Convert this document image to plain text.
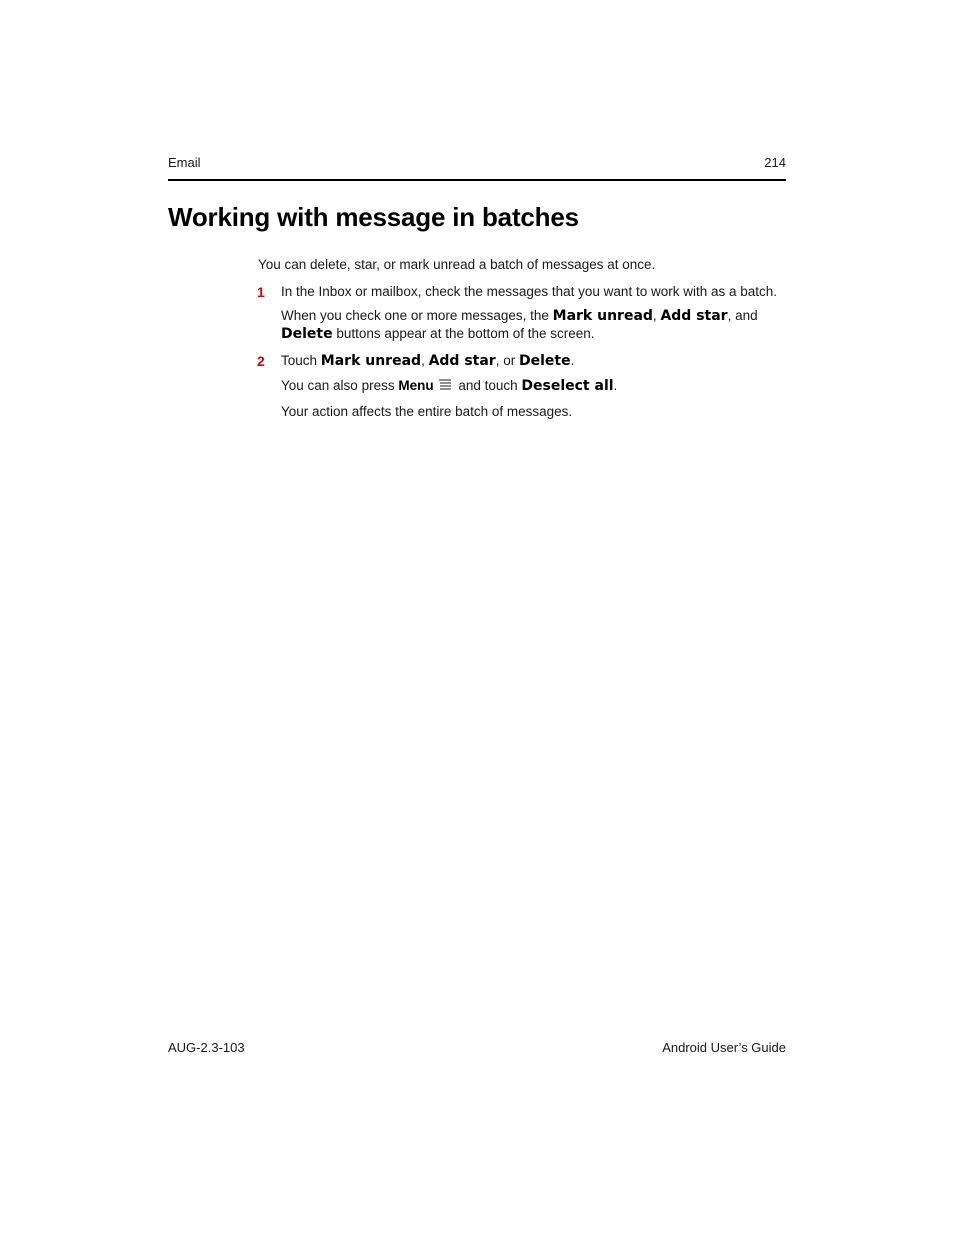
Email	214
Working with message in batches
You can delete, star, or mark unread a batch of messages at once.
1 In the Inbox or mailbox, check the messages that you want to work with as a batch.
When you check one or more messages, the Mark unread, Add star, and
Delete buttons appear at the bottom of the screen.
2 Touch Mark unread, Add star, or Delete.
You can also press Menu and touch Deselect all.
Your action affects the entire batch of messages.
AUG-2.3-103	Android User’s Guide
